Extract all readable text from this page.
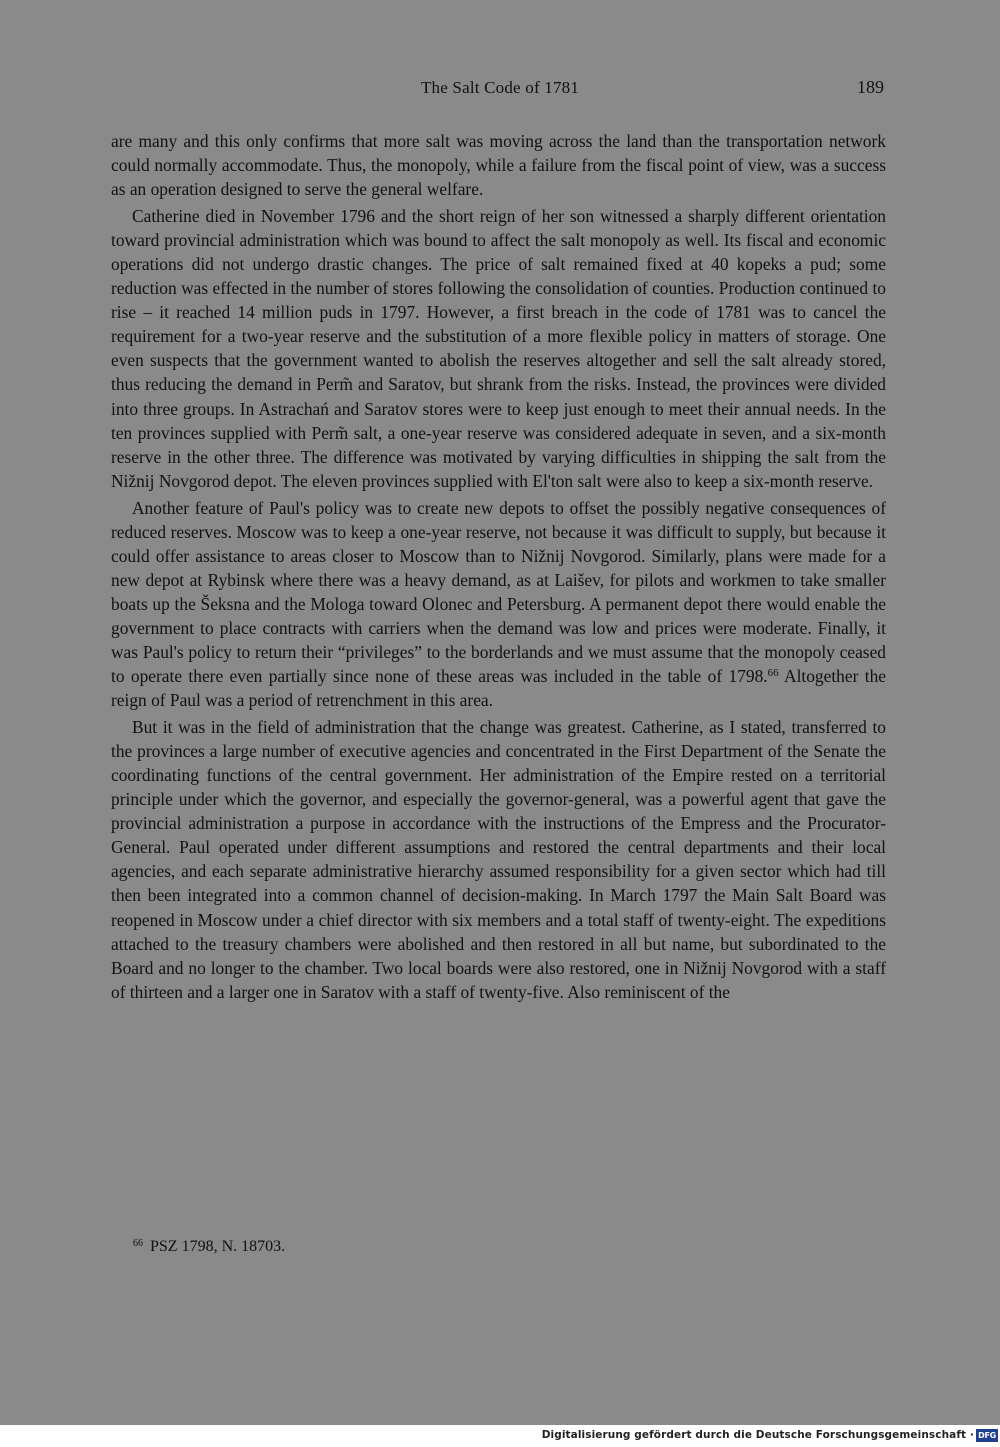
The Salt Code of 1781	189

are many and this only confirms that more salt was moving across the land than the transportation network could normally accommodate. Thus, the monopoly, while a failure from the fiscal point of view, was a success as an operation designed to serve the general welfare.

Catherine died in November 1796 and the short reign of her son witnessed a sharply different orientation toward provincial administration which was bound to affect the salt monopoly as well. Its fiscal and economic operations did not undergo drastic changes. The price of salt remained fixed at 40 kopeks a pud; some reduction was effected in the number of stores following the consolidation of counties. Production continued to rise – it reached 14 million puds in 1797. However, a first breach in the code of 1781 was to cancel the requirement for a two-year reserve and the substitution of a more flexible policy in matters of storage. One even suspects that the government wanted to abolish the reserves altogether and sell the salt already stored, thus reducing the demand in Perm̃ and Saratov, but shrank from the risks. Instead, the provinces were divided into three groups. In Astrachań and Saratov stores were to keep just enough to meet their annual needs. In the ten provinces supplied with Perm̃ salt, a one-year reserve was considered adequate in seven, and a six-month reserve in the other three. The difference was motivated by varying difficulties in shipping the salt from the Nižnij Novgorod depot. The eleven provinces supplied with El'ton salt were also to keep a six-month reserve.

Another feature of Paul's policy was to create new depots to offset the possibly negative consequences of reduced reserves. Moscow was to keep a one-year reserve, not because it was difficult to supply, but because it could offer assistance to areas closer to Moscow than to Nižnij Novgorod. Similarly, plans were made for a new depot at Rybinsk where there was a heavy demand, as at Laišev, for pilots and workmen to take smaller boats up the Šeksna and the Mologa toward Olonec and Petersburg. A permanent depot there would enable the government to place contracts with carriers when the demand was low and prices were moderate. Finally, it was Paul's policy to return their “privileges” to the borderlands and we must assume that the monopoly ceased to operate there even partially since none of these areas was included in the table of 1798.66 Altogether the reign of Paul was a period of retrenchment in this area.

But it was in the field of administration that the change was greatest. Catherine, as I stated, transferred to the provinces a large number of executive agencies and concentrated in the First Department of the Senate the coordinating functions of the central government. Her administration of the Empire rested on a territorial principle under which the governor, and especially the governor-general, was a powerful agent that gave the provincial administration a purpose in accordance with the instructions of the Empress and the Procurator-General. Paul operated under different assumptions and restored the central departments and their local agencies, and each separate administrative hierarchy assumed responsibility for a given sector which had till then been integrated into a common channel of decision-making. In March 1797 the Main Salt Board was reopened in Moscow under a chief director with six members and a total staff of twenty-eight. The expeditions attached to the treasury chambers were abolished and then restored in all but name, but subordinated to the Board and no longer to the chamber. Two local boards were also restored, one in Nižnij Novgorod with a staff of thirteen and a larger one in Saratov with a staff of twenty-five. Also reminiscent of the

$^{66}$ PSZ 1798, N. 18703.
Digitalisierung gefördert durch die Deutsche Forschungsgemeinschaft · DFG
